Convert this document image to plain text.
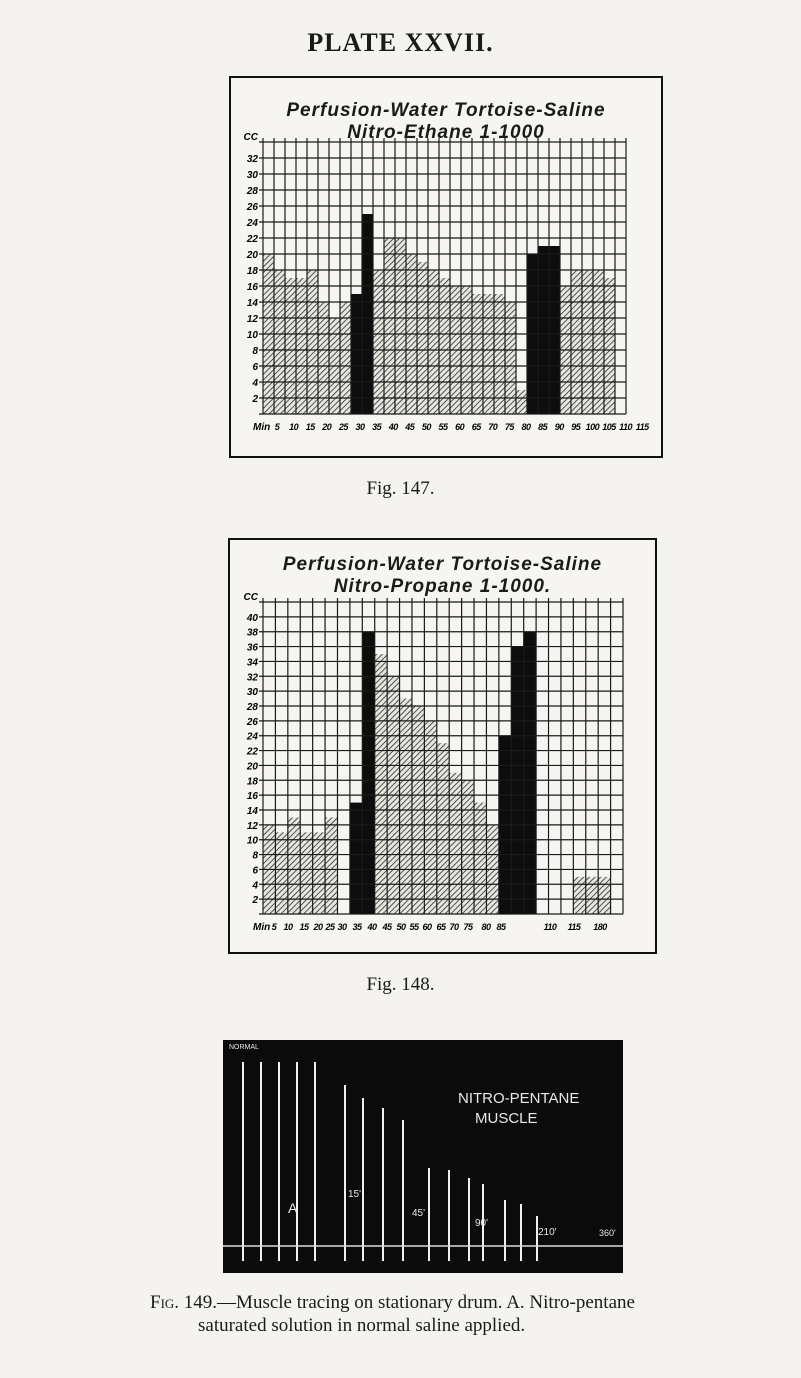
PLATE XXVII.
Perfusion-Water Tortoise-Saline
Nitro-Ethane 1-1000
32
30
28
26
24
22
20
18
16
14
12
10
8
6
4
2
CC
Min 5 10 15 20 25 30 35 40 45 50 55 60 65 70 75 80 85 90 95 100 105 110 115
Fig. 147.
Perfusion-Water Tortoise-Saline
Nitro-Propane 1-1000.
40
38
36
34
32
30
28
26
24
22
20
18
16
14
12
10
8
6
4
2
CC
Min 5 10 15 20 25 30 35 40 45 50 55 60 65 70 75 80 85	110 115 180
Fig. 148.
NORMAL
NITRO-PENTANE
MUSCLE
A
15'
45'
90'
210'	360'
Fig. 149.—Muscle tracing on stationary drum. A. Nitro-pentane
saturated solution in normal saline applied.
